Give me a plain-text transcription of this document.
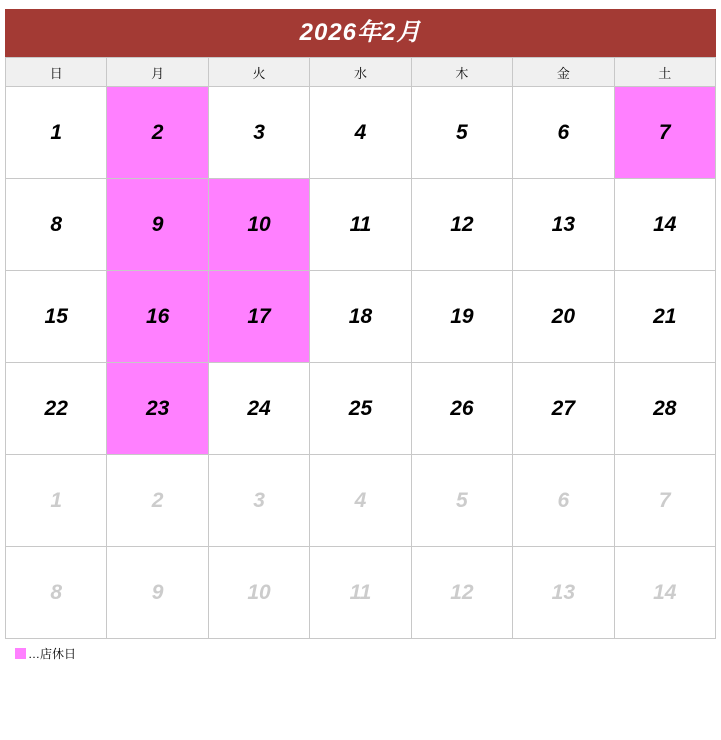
2026年2月
日	月	火	水	木	金	土
1	2	3	4	5	6	7
8	9	10	11	12	13	14
15	16	17	18	19	20	21
22	23	24	25	26	27	28
1	2	3	4	5	6	7
8	9	10	11	12	13	14
…店休日
